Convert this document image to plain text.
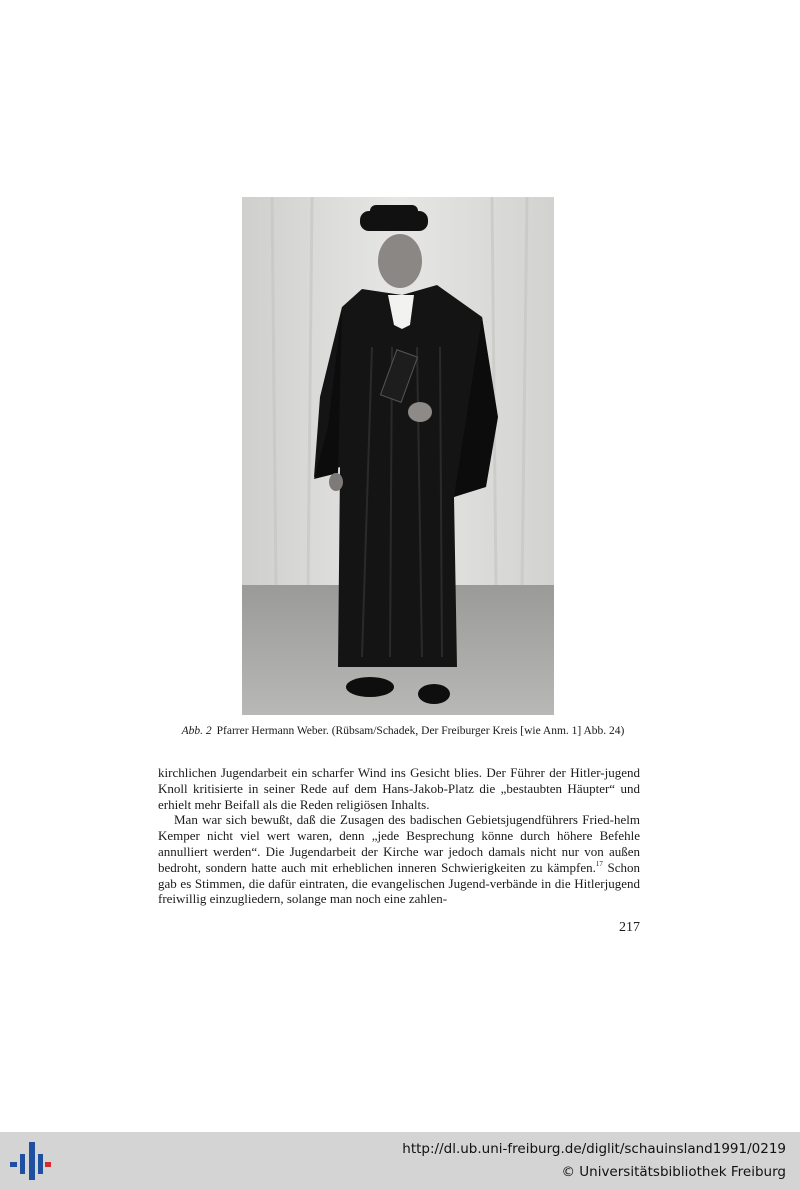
Abb. 2 Pfarrer Hermann Weber. (Rübsam/Schadek, Der Freiburger Kreis [wie Anm. 1] Abb. 24)

kirchlichen Jugendarbeit ein scharfer Wind ins Gesicht blies. Der Führer der Hitler-jugend Knoll kritisierte in seiner Rede auf dem Hans-Jakob-Platz die „bestaubten Häupter“ und erhielt mehr Beifall als die Reden religiösen Inhalts.

Man war sich bewußt, daß die Zusagen des badischen Gebietsjugendführers Fried-helm Kemper nicht viel wert waren, denn „jede Besprechung könne durch höhere Befehle annulliert werden“. Die Jugendarbeit der Kirche war jedoch damals nicht nur von außen bedroht, sondern hatte auch mit erheblichen inneren Schwierigkeiten zu kämpfen.$^{17}$ Schon gab es Stimmen, die dafür eintraten, die evangelischen Jugend-verbände in die Hitlerjugend freiwillig einzugliedern, solange man noch eine zahlen-

217
http://dl.ub.uni-freiburg.de/diglit/schauinsland1991/0219
© Universitätsbibliothek Freiburg
